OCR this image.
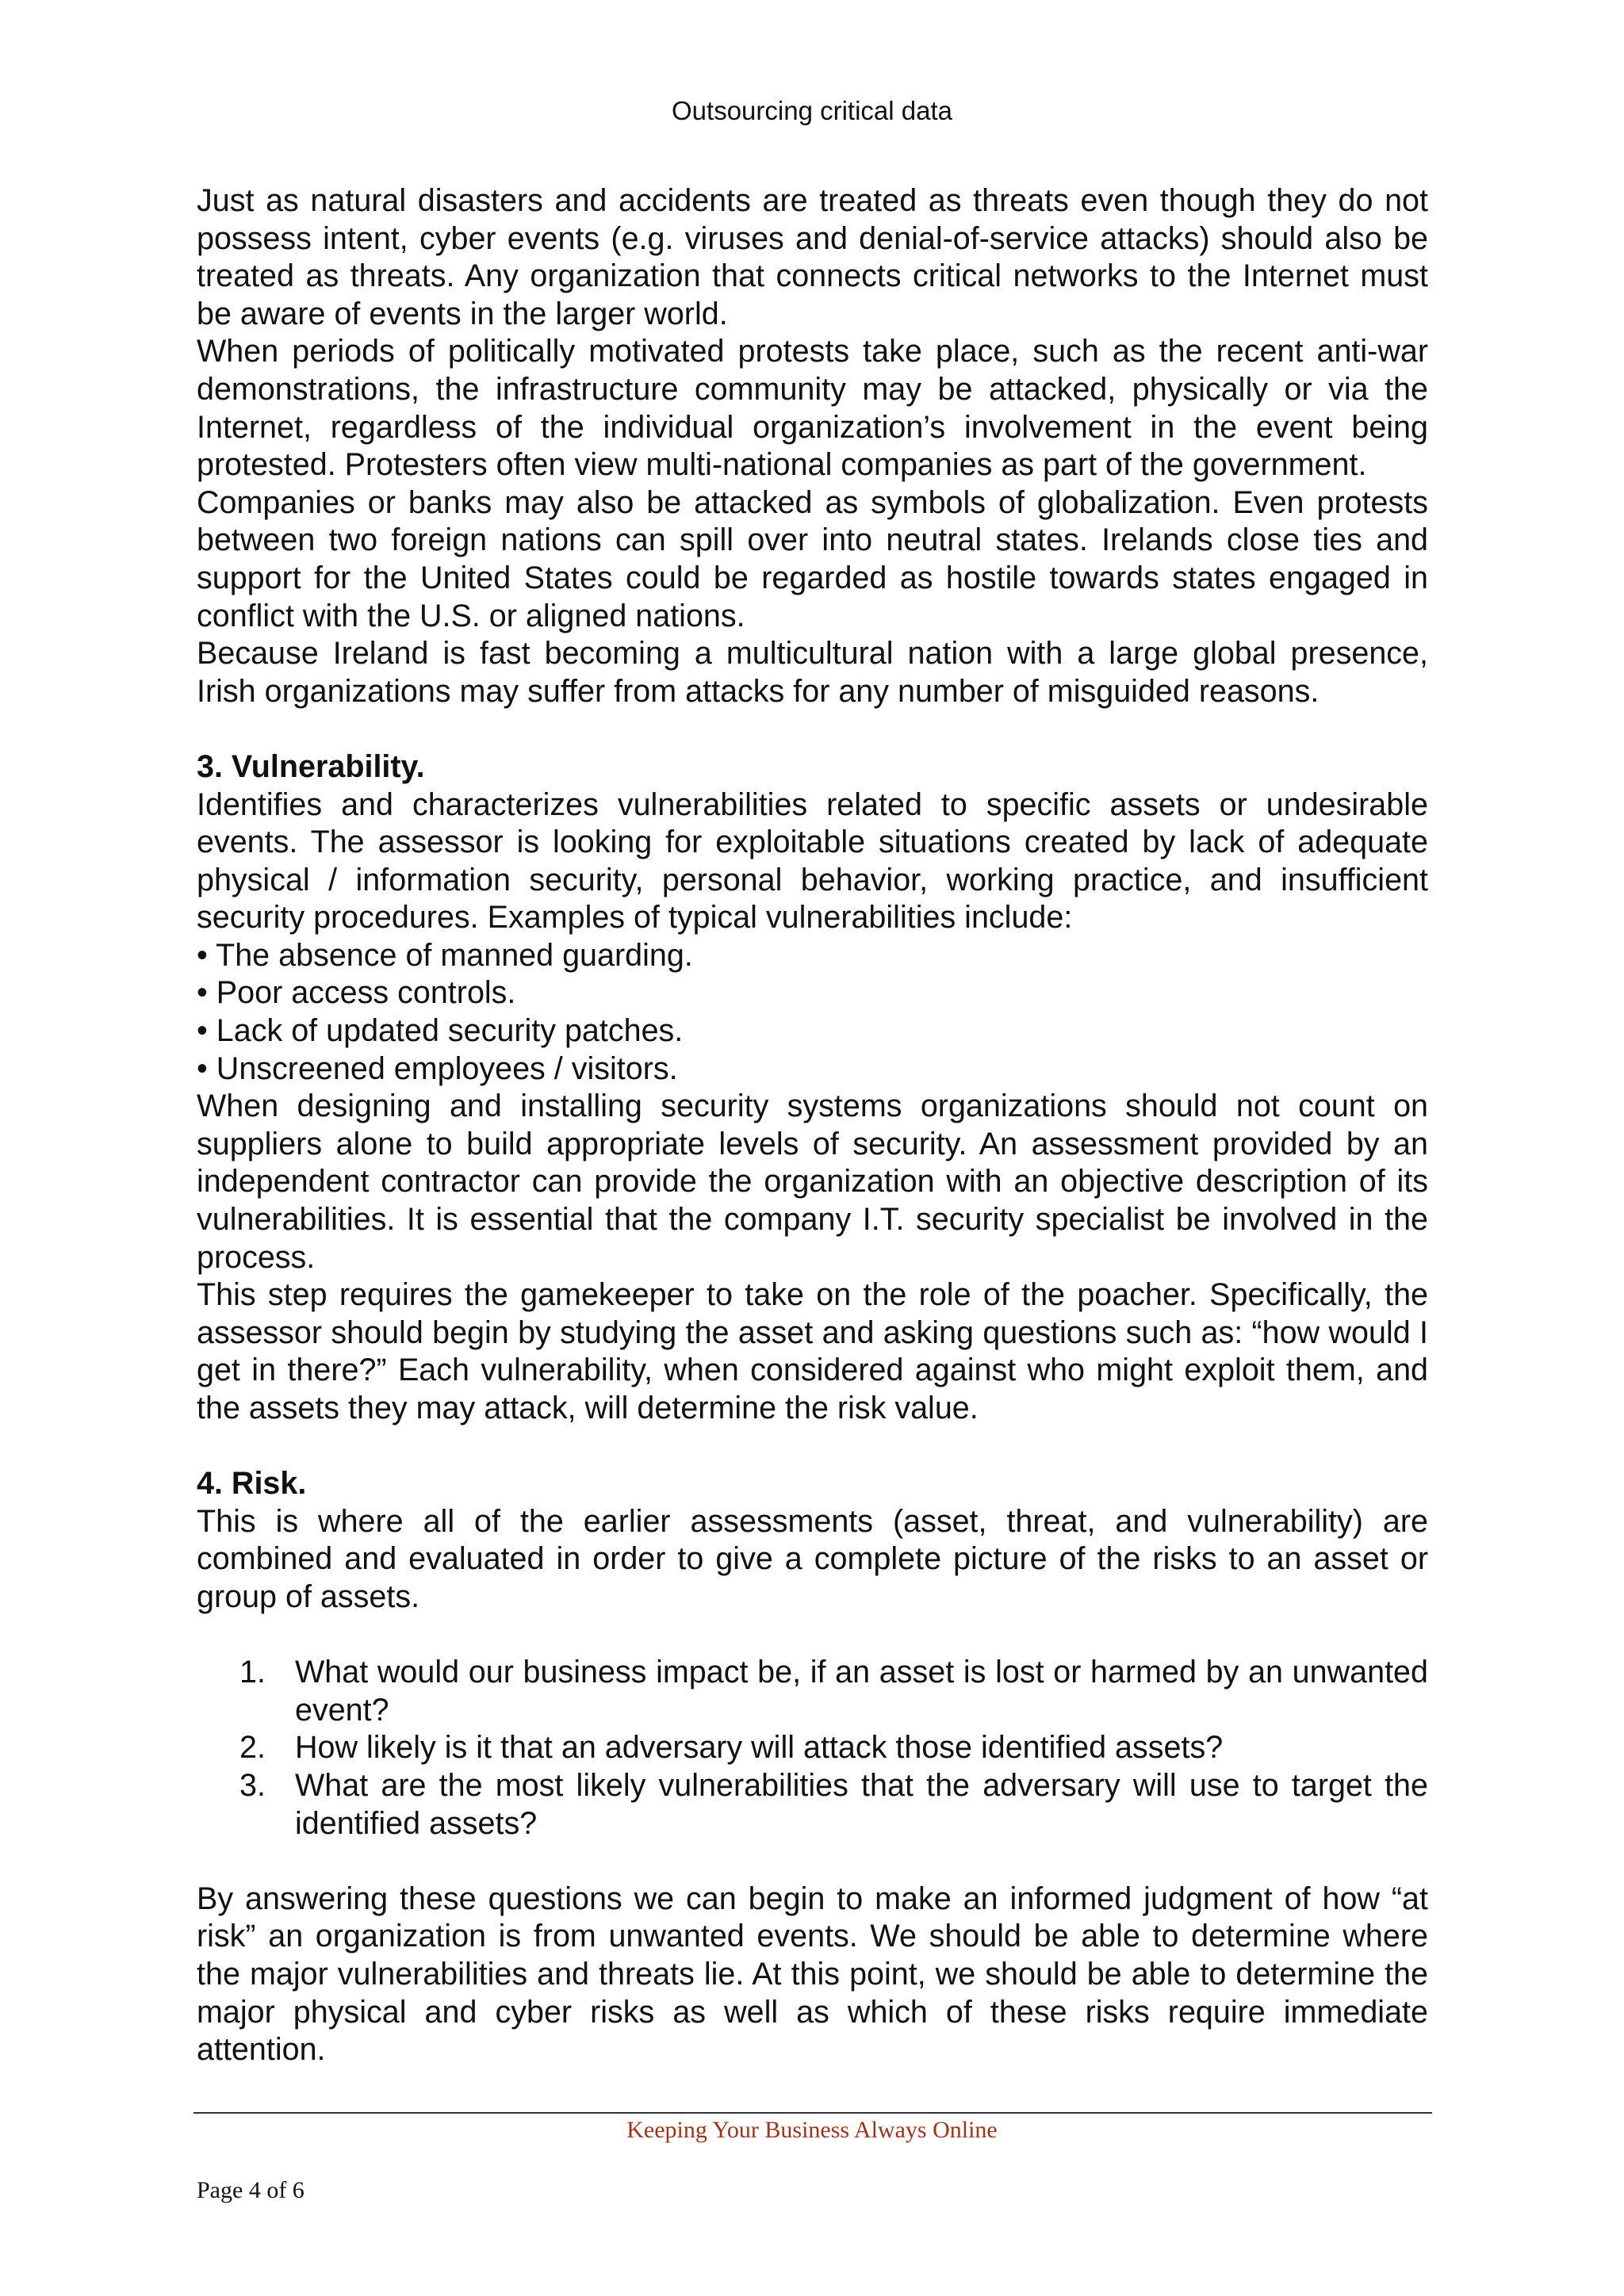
Outsourcing critical data

Just as natural disasters and accidents are treated as threats even though they do not possess intent, cyber events (e.g. viruses and denial-of-service attacks) should also be treated as threats. Any organization that connects critical networks to the Internet must be aware of events in the larger world.

When periods of politically motivated protests take place, such as the recent anti-war demonstrations, the infrastructure community may be attacked, physically or via the Internet, regardless of the individual organization’s involvement in the event being protested. Protesters often view multi-national companies as part of the government.

Companies or banks may also be attacked as symbols of globalization. Even protests between two foreign nations can spill over into neutral states. Irelands close ties and support for the United States could be regarded as hostile towards states engaged in conflict with the U.S. or aligned nations.

Because Ireland is fast becoming a multicultural nation with a large global presence, Irish organizations may suffer from attacks for any number of misguided reasons.

3. Vulnerability.

Identifies and characterizes vulnerabilities related to specific assets or undesirable events. The assessor is looking for exploitable situations created by lack of adequate physical / information security, personal behavior, working practice, and insufficient security procedures. Examples of typical vulnerabilities include:

• The absence of manned guarding.
• Poor access controls.
• Lack of updated security patches.
• Unscreened employees / visitors.

When designing and installing security systems organizations should not count on suppliers alone to build appropriate levels of security. An assessment provided by an independent contractor can provide the organization with an objective description of its vulnerabilities. It is essential that the company I.T. security specialist be involved in the process.

This step requires the gamekeeper to take on the role of the poacher. Specifically, the assessor should begin by studying the asset and asking questions such as: “how would I get in there?” Each vulnerability, when considered against who might exploit them, and the assets they may attack, will determine the risk value.

4. Risk.

This is where all of the earlier assessments (asset, threat, and vulnerability) are combined and evaluated in order to give a complete picture of the risks to an asset or group of assets.

1. What would our business impact be, if an asset is lost or harmed by an unwanted event?
2. How likely is it that an adversary will attack those identified assets?
3. What are the most likely vulnerabilities that the adversary will use to target the identified assets?

By answering these questions we can begin to make an informed judgment of how “at risk” an organization is from unwanted events. We should be able to determine where the major vulnerabilities and threats lie. At this point, we should be able to determine the major physical and cyber risks as well as which of these risks require immediate attention.

Keeping Your Business Always Online
Page 4 of 6
